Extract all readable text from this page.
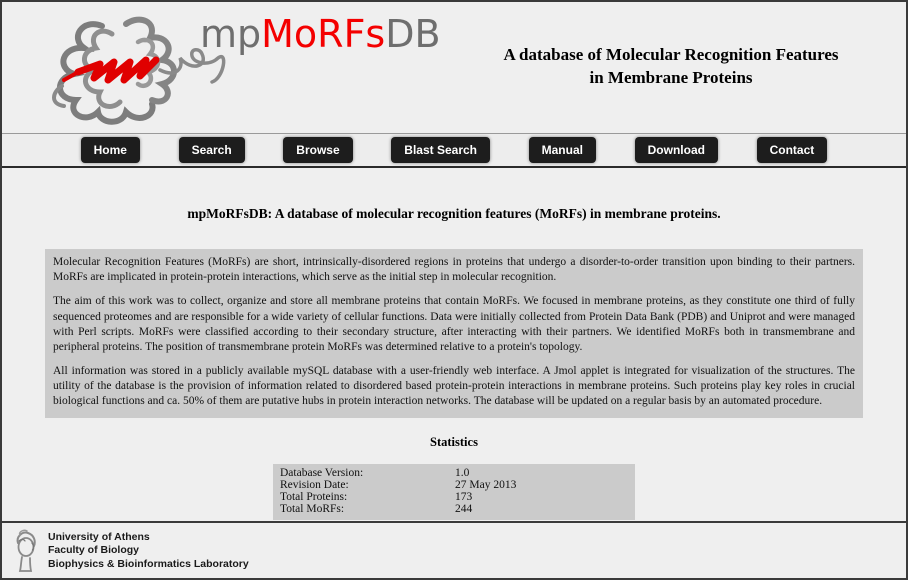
mpMoRFsDB	A database of Molecular Recognition Features
in Membrane Proteins
Home	Search	Browse	Blast Search	Manual	Download	Contact
mpMoRFsDB: A database of molecular recognition features (MoRFs) in membrane proteins.

Molecular Recognition Features (MoRFs) are short, intrinsically-disordered regions in proteins that undergo a disorder-to-order transition upon binding to their partners. MoRFs are implicated in protein-protein interactions, which serve as the initial step in molecular recognition.

The aim of this work was to collect, organize and store all membrane proteins that contain MoRFs. We focused in membrane proteins, as they constitute one third of fully sequenced proteomes and are responsible for a wide variety of cellular functions. Data were initially collected from Protein Data Bank (PDB) and Uniprot and were managed with Perl scripts. MoRFs were classified according to their secondary structure, after interacting with their partners. We identified MoRFs both in transmembrane and peripheral proteins. The position of transmembrane protein MoRFs was determined relative to a protein's topology.

All information was stored in a publicly available mySQL database with a user-friendly web interface. A Jmol applet is integrated for visualization of the structures. The utility of the database is the provision of information related to disordered based protein-protein interactions in membrane proteins. Such proteins play key roles in crucial biological functions and ca. 50% of them are putative hubs in protein interaction networks. The database will be updated on a regular basis by an automated procedure.

Statistics
Database Version:	1.0
Revision Date:	27 May 2013
Total Proteins:	173
Total MoRFs:	244
University of Athens
Faculty of Biology
Biophysics & Bioinformatics Laboratory
